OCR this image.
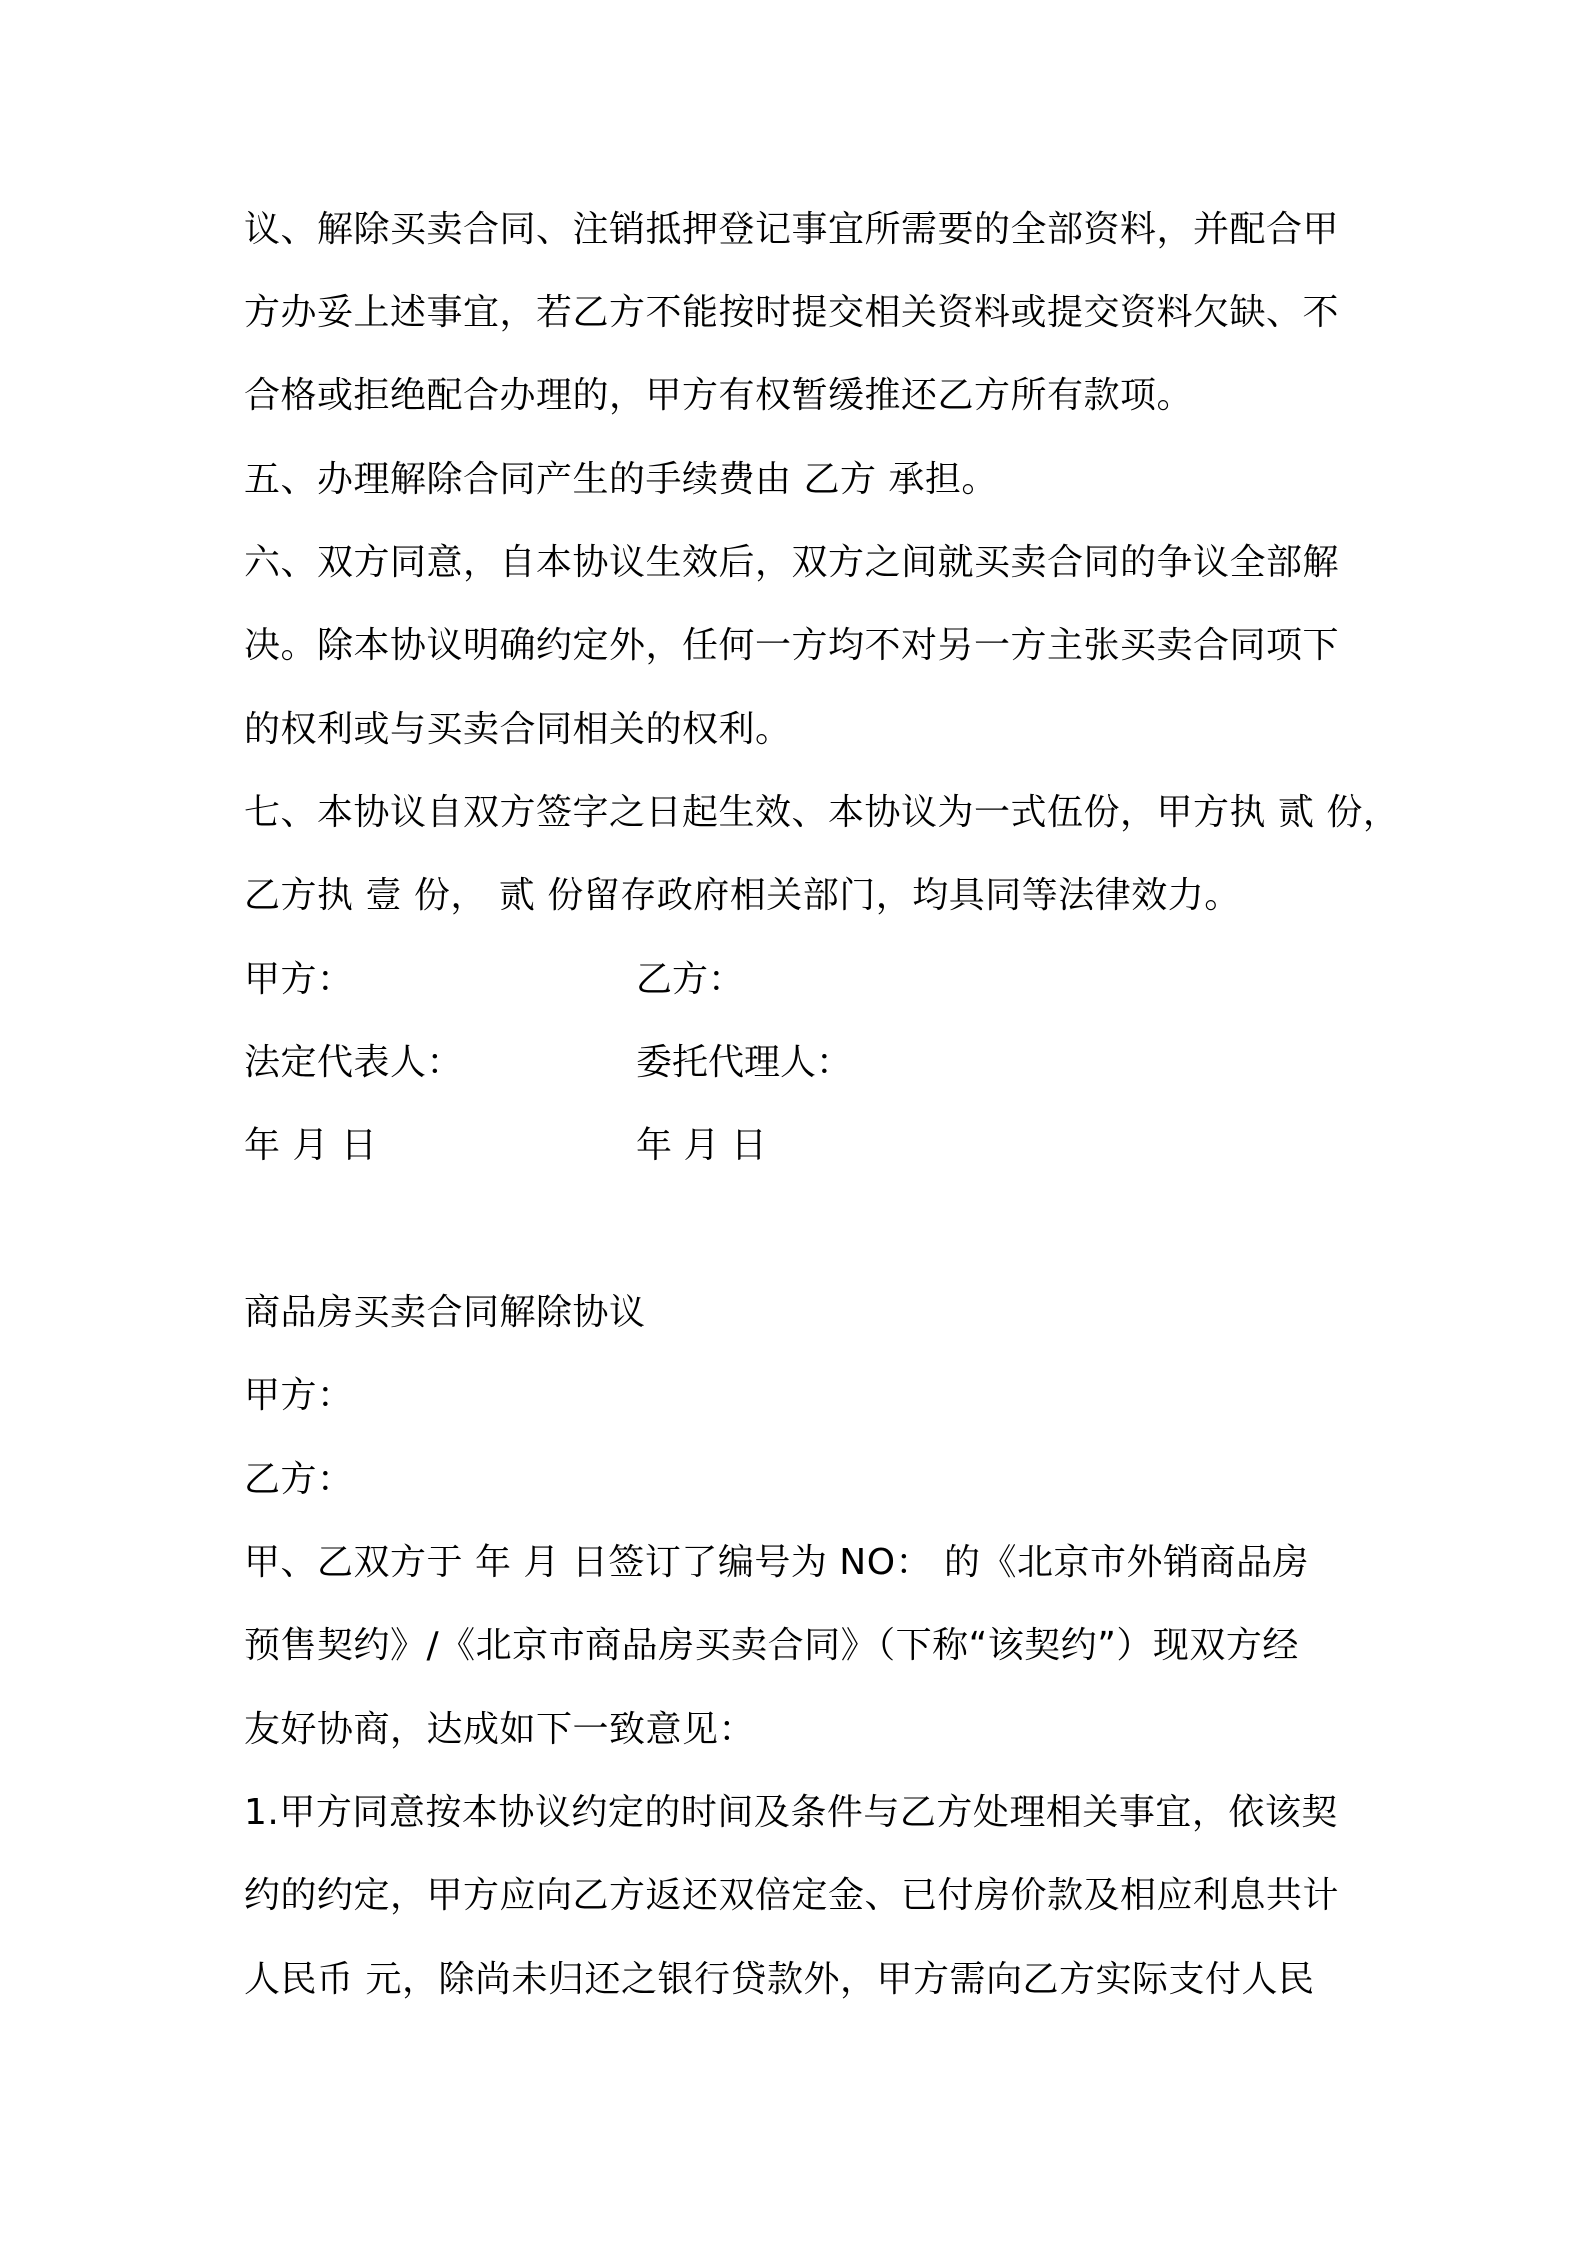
议、解除买卖合同、注销抵押登记事宜所需要的全部资料，并配合甲
方办妥上述事宜，若乙方不能按时提交相关资料或提交资料欠缺、不
合格或拒绝配合办理的，甲方有权暂缓推还乙方所有款项。
五、办理解除合同产生的手续费由 乙方 承担。
六、双方同意，自本协议生效后，双方之间就买卖合同的争议全部解
决。除本协议明确约定外，任何一方均不对另一方主张买卖合同项下
的权利或与买卖合同相关的权利。
七、本协议自双方签字之日起生效、本协议为一式伍份，甲方执 贰 份，
乙方执 壹 份， 贰 份留存政府相关部门，均具同等法律效力。
甲方：	乙方：
法定代表人：	委托代理人：
年 月 日	年 月 日
商品房买卖合同解除协议
甲方：
乙方：
甲、乙双方于 年 月 日签订了编号为 NO： 的《北京市外销商品房
预售契约》/《北京市商品房买卖合同》（下称“该契约”）现双方经
友好协商，达成如下一致意见：
1.甲方同意按本协议约定的时间及条件与乙方处理相关事宜，依该契
约的约定，甲方应向乙方返还双倍定金、已付房价款及相应利息共计
人民币 元，除尚未归还之银行贷款外，甲方需向乙方实际支付人民
